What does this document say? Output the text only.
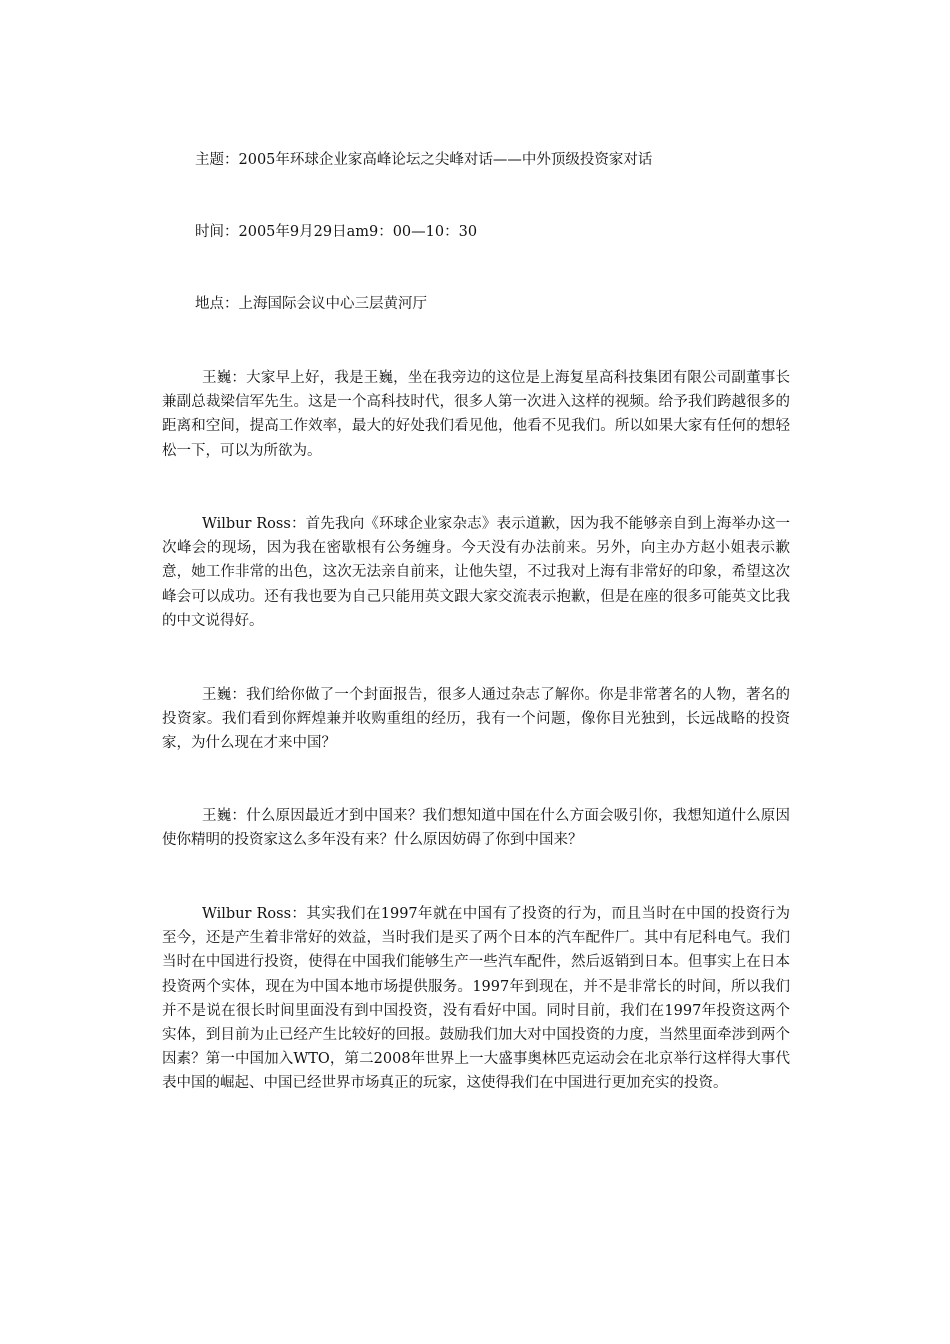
主题：2005年环球企业家高峰论坛之尖峰对话——中外顶级投资家对话
时间：2005年9月29日am9：00—10：30
地点：上海国际会议中心三层黄河厅

王巍：大家早上好，我是王巍，坐在我旁边的这位是上海复星高科技集团有限公司副董事长兼副总裁梁信军先生。这是一个高科技时代，很多人第一次进入这样的视频。给予我们跨越很多的距离和空间，提高工作效率，最大的好处我们看见他，他看不见我们。所以如果大家有任何的想轻松一下，可以为所欲为。

Wilbur Ross：首先我向《环球企业家杂志》表示道歉，因为我不能够亲自到上海举办这一次峰会的现场，因为我在密歇根有公务缠身。今天没有办法前来。另外，向主办方赵小姐表示歉意，她工作非常的出色，这次无法亲自前来，让他失望，不过我对上海有非常好的印象，希望这次峰会可以成功。还有我也要为自己只能用英文跟大家交流表示抱歉，但是在座的很多可能英文比我的中文说得好。

王巍：我们给你做了一个封面报告，很多人通过杂志了解你。你是非常著名的人物，著名的投资家。我们看到你辉煌兼并收购重组的经历，我有一个问题，像你目光独到，长远战略的投资家，为什么现在才来中国？

王巍：什么原因最近才到中国来？我们想知道中国在什么方面会吸引你，我想知道什么原因使你精明的投资家这么多年没有来？什么原因妨碍了你到中国来？

Wilbur Ross：其实我们在1997年就在中国有了投资的行为，而且当时在中国的投资行为至今，还是产生着非常好的效益，当时我们是买了两个日本的汽车配件厂。其中有尼科电气。我们当时在中国进行投资，使得在中国我们能够生产一些汽车配件，然后返销到日本。但事实上在日本投资两个实体，现在为中国本地市场提供服务。1997年到现在，并不是非常长的时间，所以我们并不是说在很长时间里面没有到中国投资，没有看好中国。同时目前，我们在1997年投资这两个实体，到目前为止已经产生比较好的回报。鼓励我们加大对中国投资的力度，当然里面牵涉到两个因素？第一中国加入WTO，第二2008年世界上一大盛事奥林匹克运动会在北京举行这样得大事代表中国的崛起、中国已经世界市场真正的玩家，这使得我们在中国进行更加充实的投资。
